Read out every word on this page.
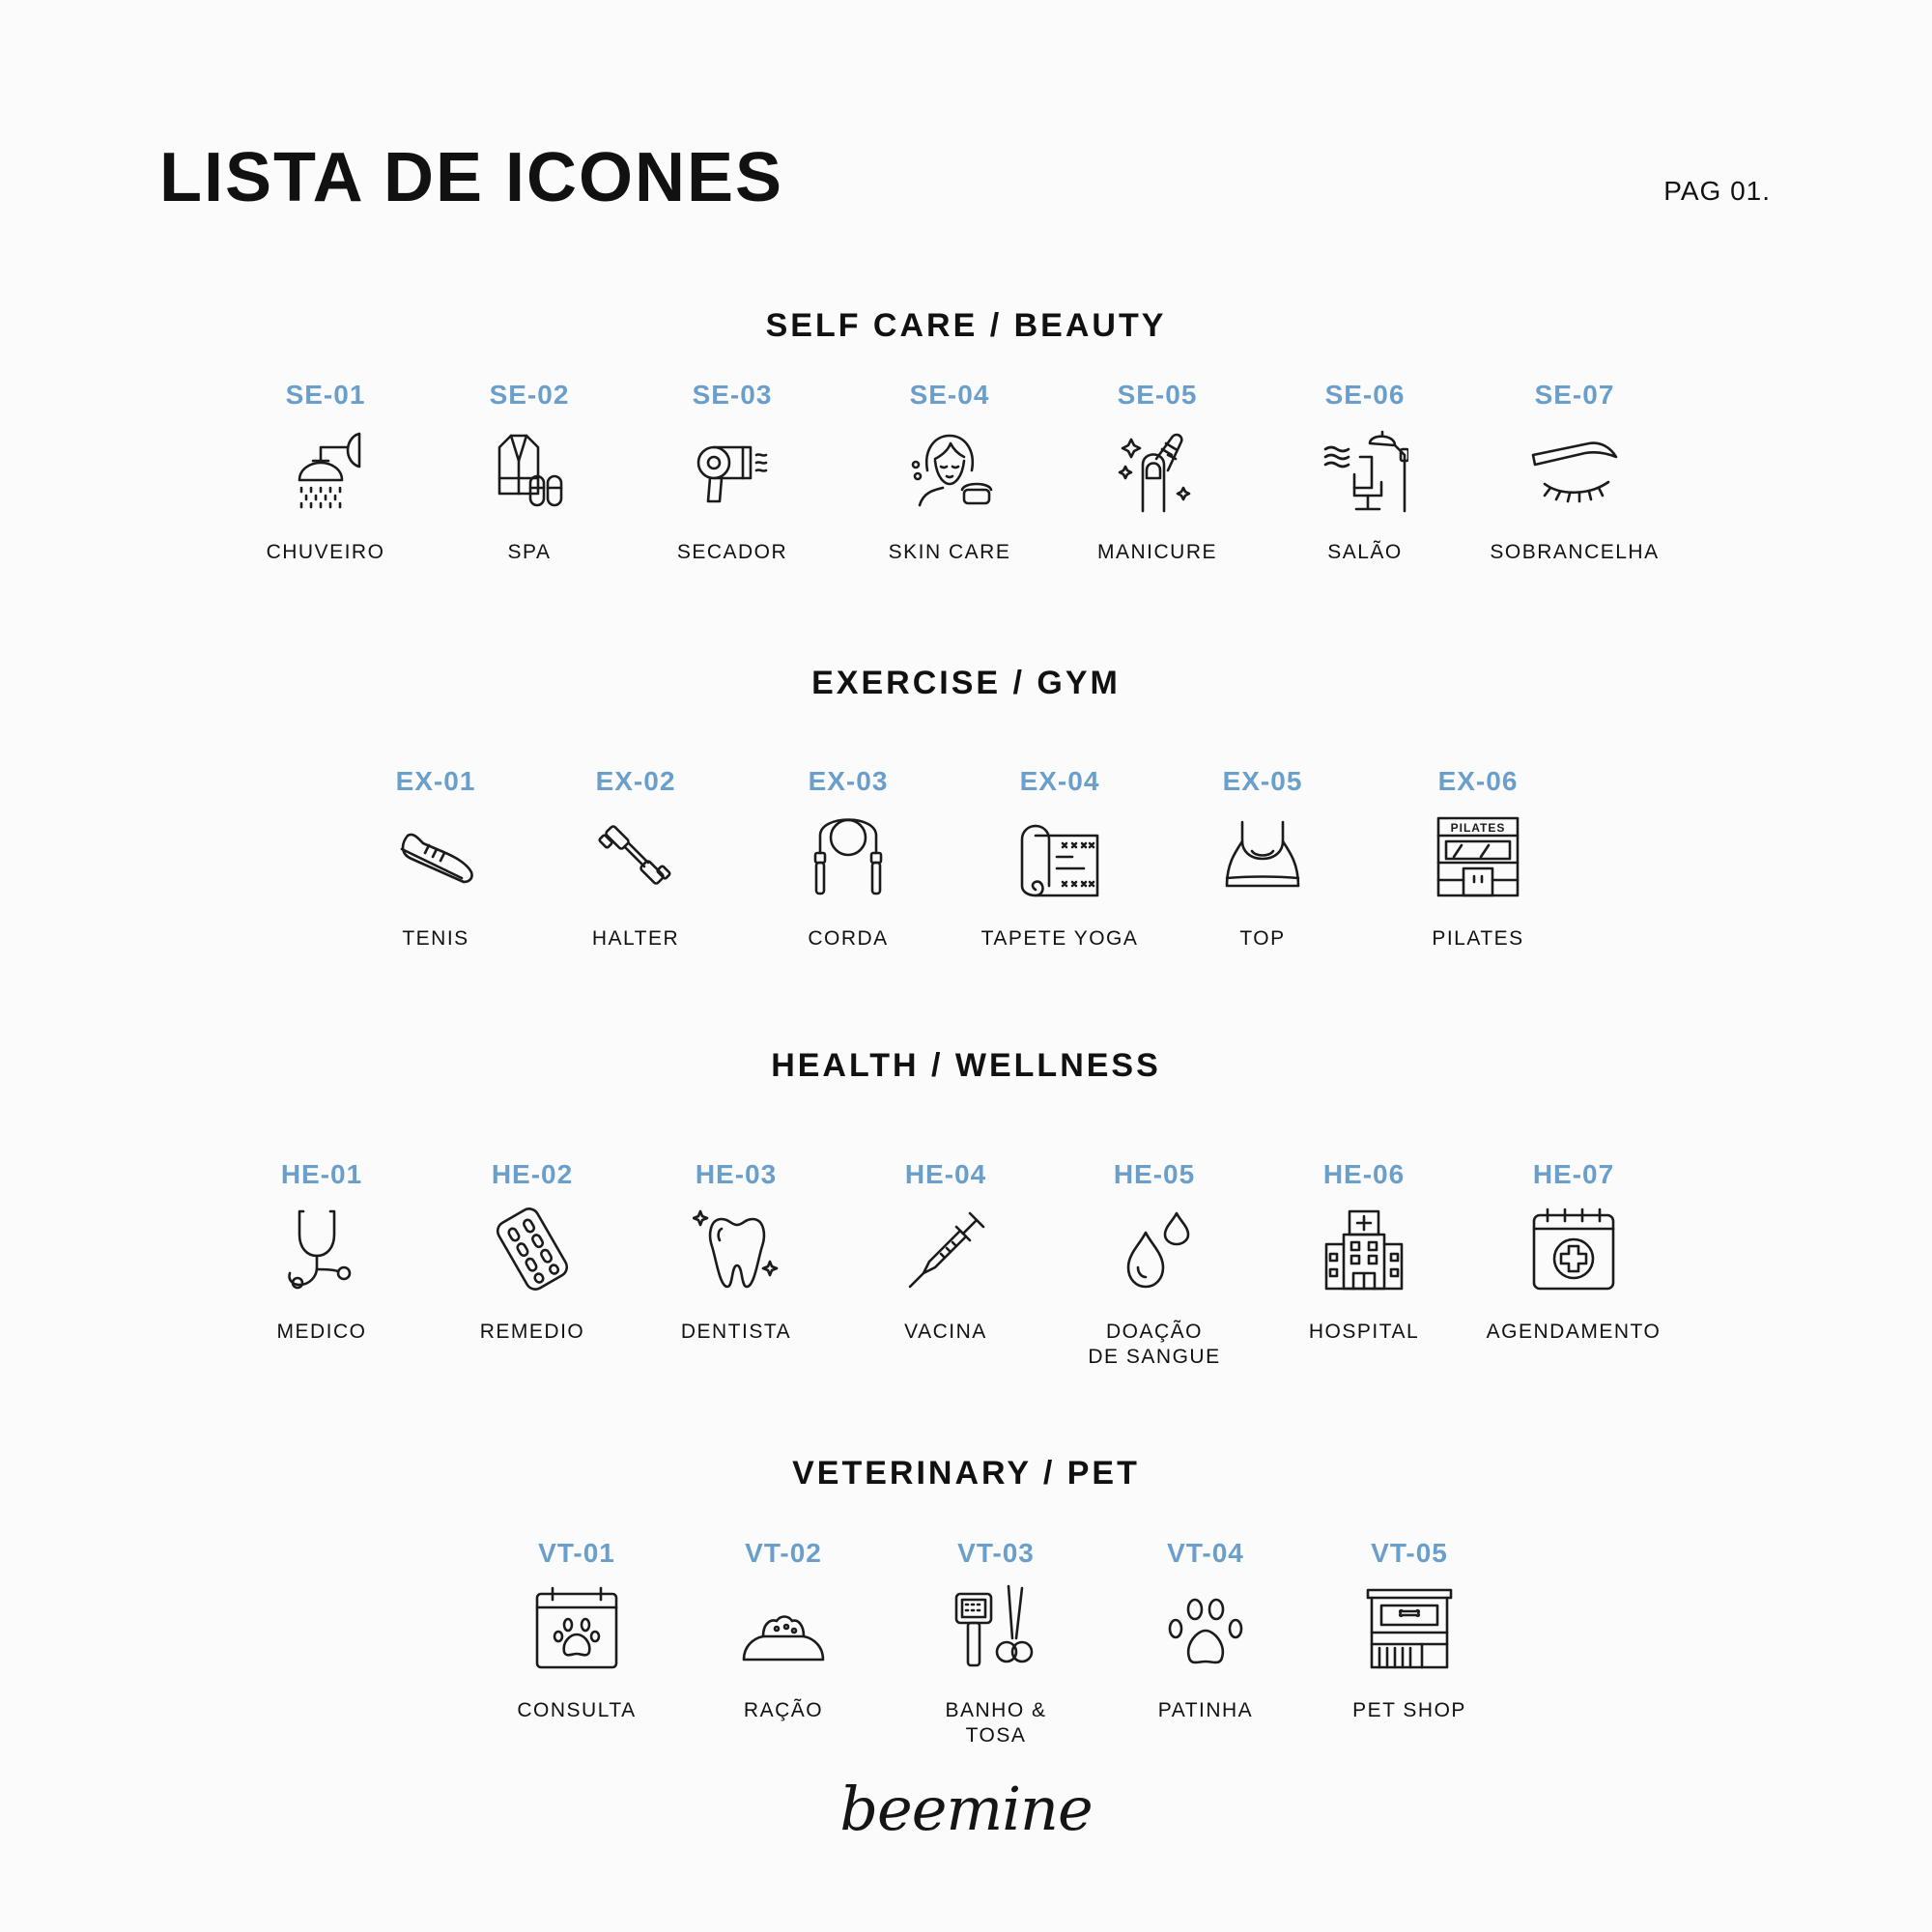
LISTA DE ICONES	PAG 01.
SELF CARE / BEAUTY
EXERCISE / GYM
HEALTH / WELLNESS
VETERINARY / PET
SE-01
CHUVEIRO
SE-02
SPA
SE-03
SECADOR
SE-04
SKIN CARE
SE-05
MANICURE
SE-06
SALÃO
SE-07
SOBRANCELHA
EX-01
TENIS
EX-02
HALTER
EX-03
CORDA
EX-04
TAPETE YOGA
EX-05
TOP
EX-06
PILATES
PILATES
HE-01
MEDICO
HE-02
REMEDIO
HE-03
DENTISTA
HE-04
VACINA
HE-05
DOAÇÃO
DE SANGUE
HE-06
HOSPITAL
HE-07
AGENDAMENTO
VT-01
CONSULTA
VT-02
RAÇÃO
VT-03
BANHO &
TOSA
VT-04
PATINHA
VT-05
PET SHOP
beemine
